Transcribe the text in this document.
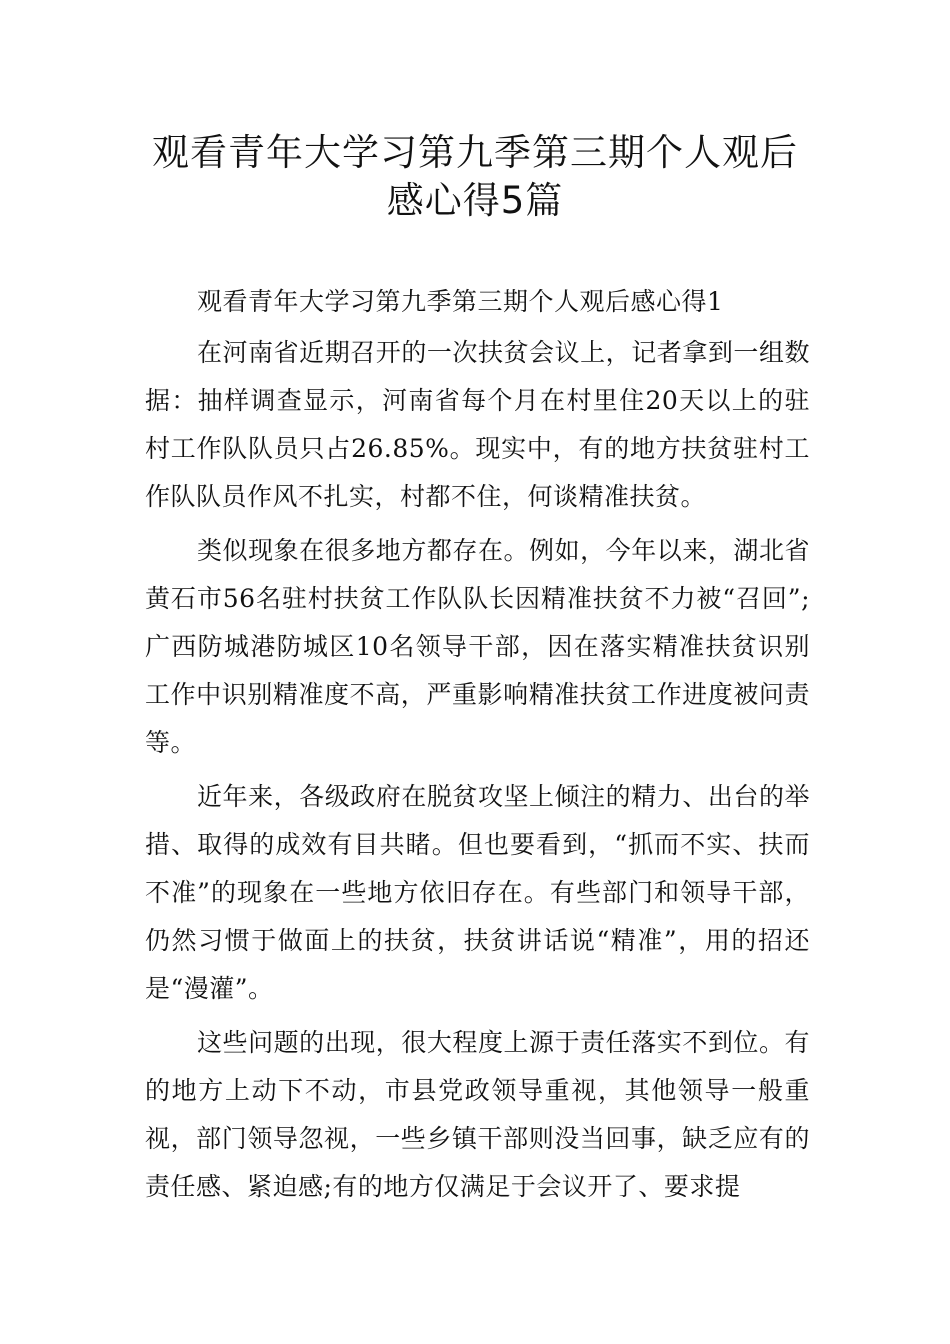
观看青年大学习第九季第三期个人观后
感心得5篇

观看青年大学习第九季第三期个人观后感心得1

在河南省近期召开的一次扶贫会议上，记者拿到一组数据：抽样调查显示，河南省每个月在村里住20天以上的驻村工作队队员只占26.85%。现实中，有的地方扶贫驻村工作队队员作风不扎实，村都不住，何谈精准扶贫。

类似现象在很多地方都存在。例如，今年以来，湖北省黄石市56名驻村扶贫工作队队长因精准扶贫不力被“召回”;广西防城港防城区10名领导干部，因在落实精准扶贫识别工作中识别精准度不高，严重影响精准扶贫工作进度被问责等。

近年来，各级政府在脱贫攻坚上倾注的精力、出台的举措、取得的成效有目共睹。但也要看到，“抓而不实、扶而不准”的现象在一些地方依旧存在。有些部门和领导干部，仍然习惯于做面上的扶贫，扶贫讲话说“精准”，用的招还是“漫灌”。

这些问题的出现，很大程度上源于责任落实不到位。有的地方上动下不动，市县党政领导重视，其他领导一般重视，部门领导忽视，一些乡镇干部则没当回事，缺乏应有的责任感、紧迫感;有的地方仅满足于会议开了、要求提
